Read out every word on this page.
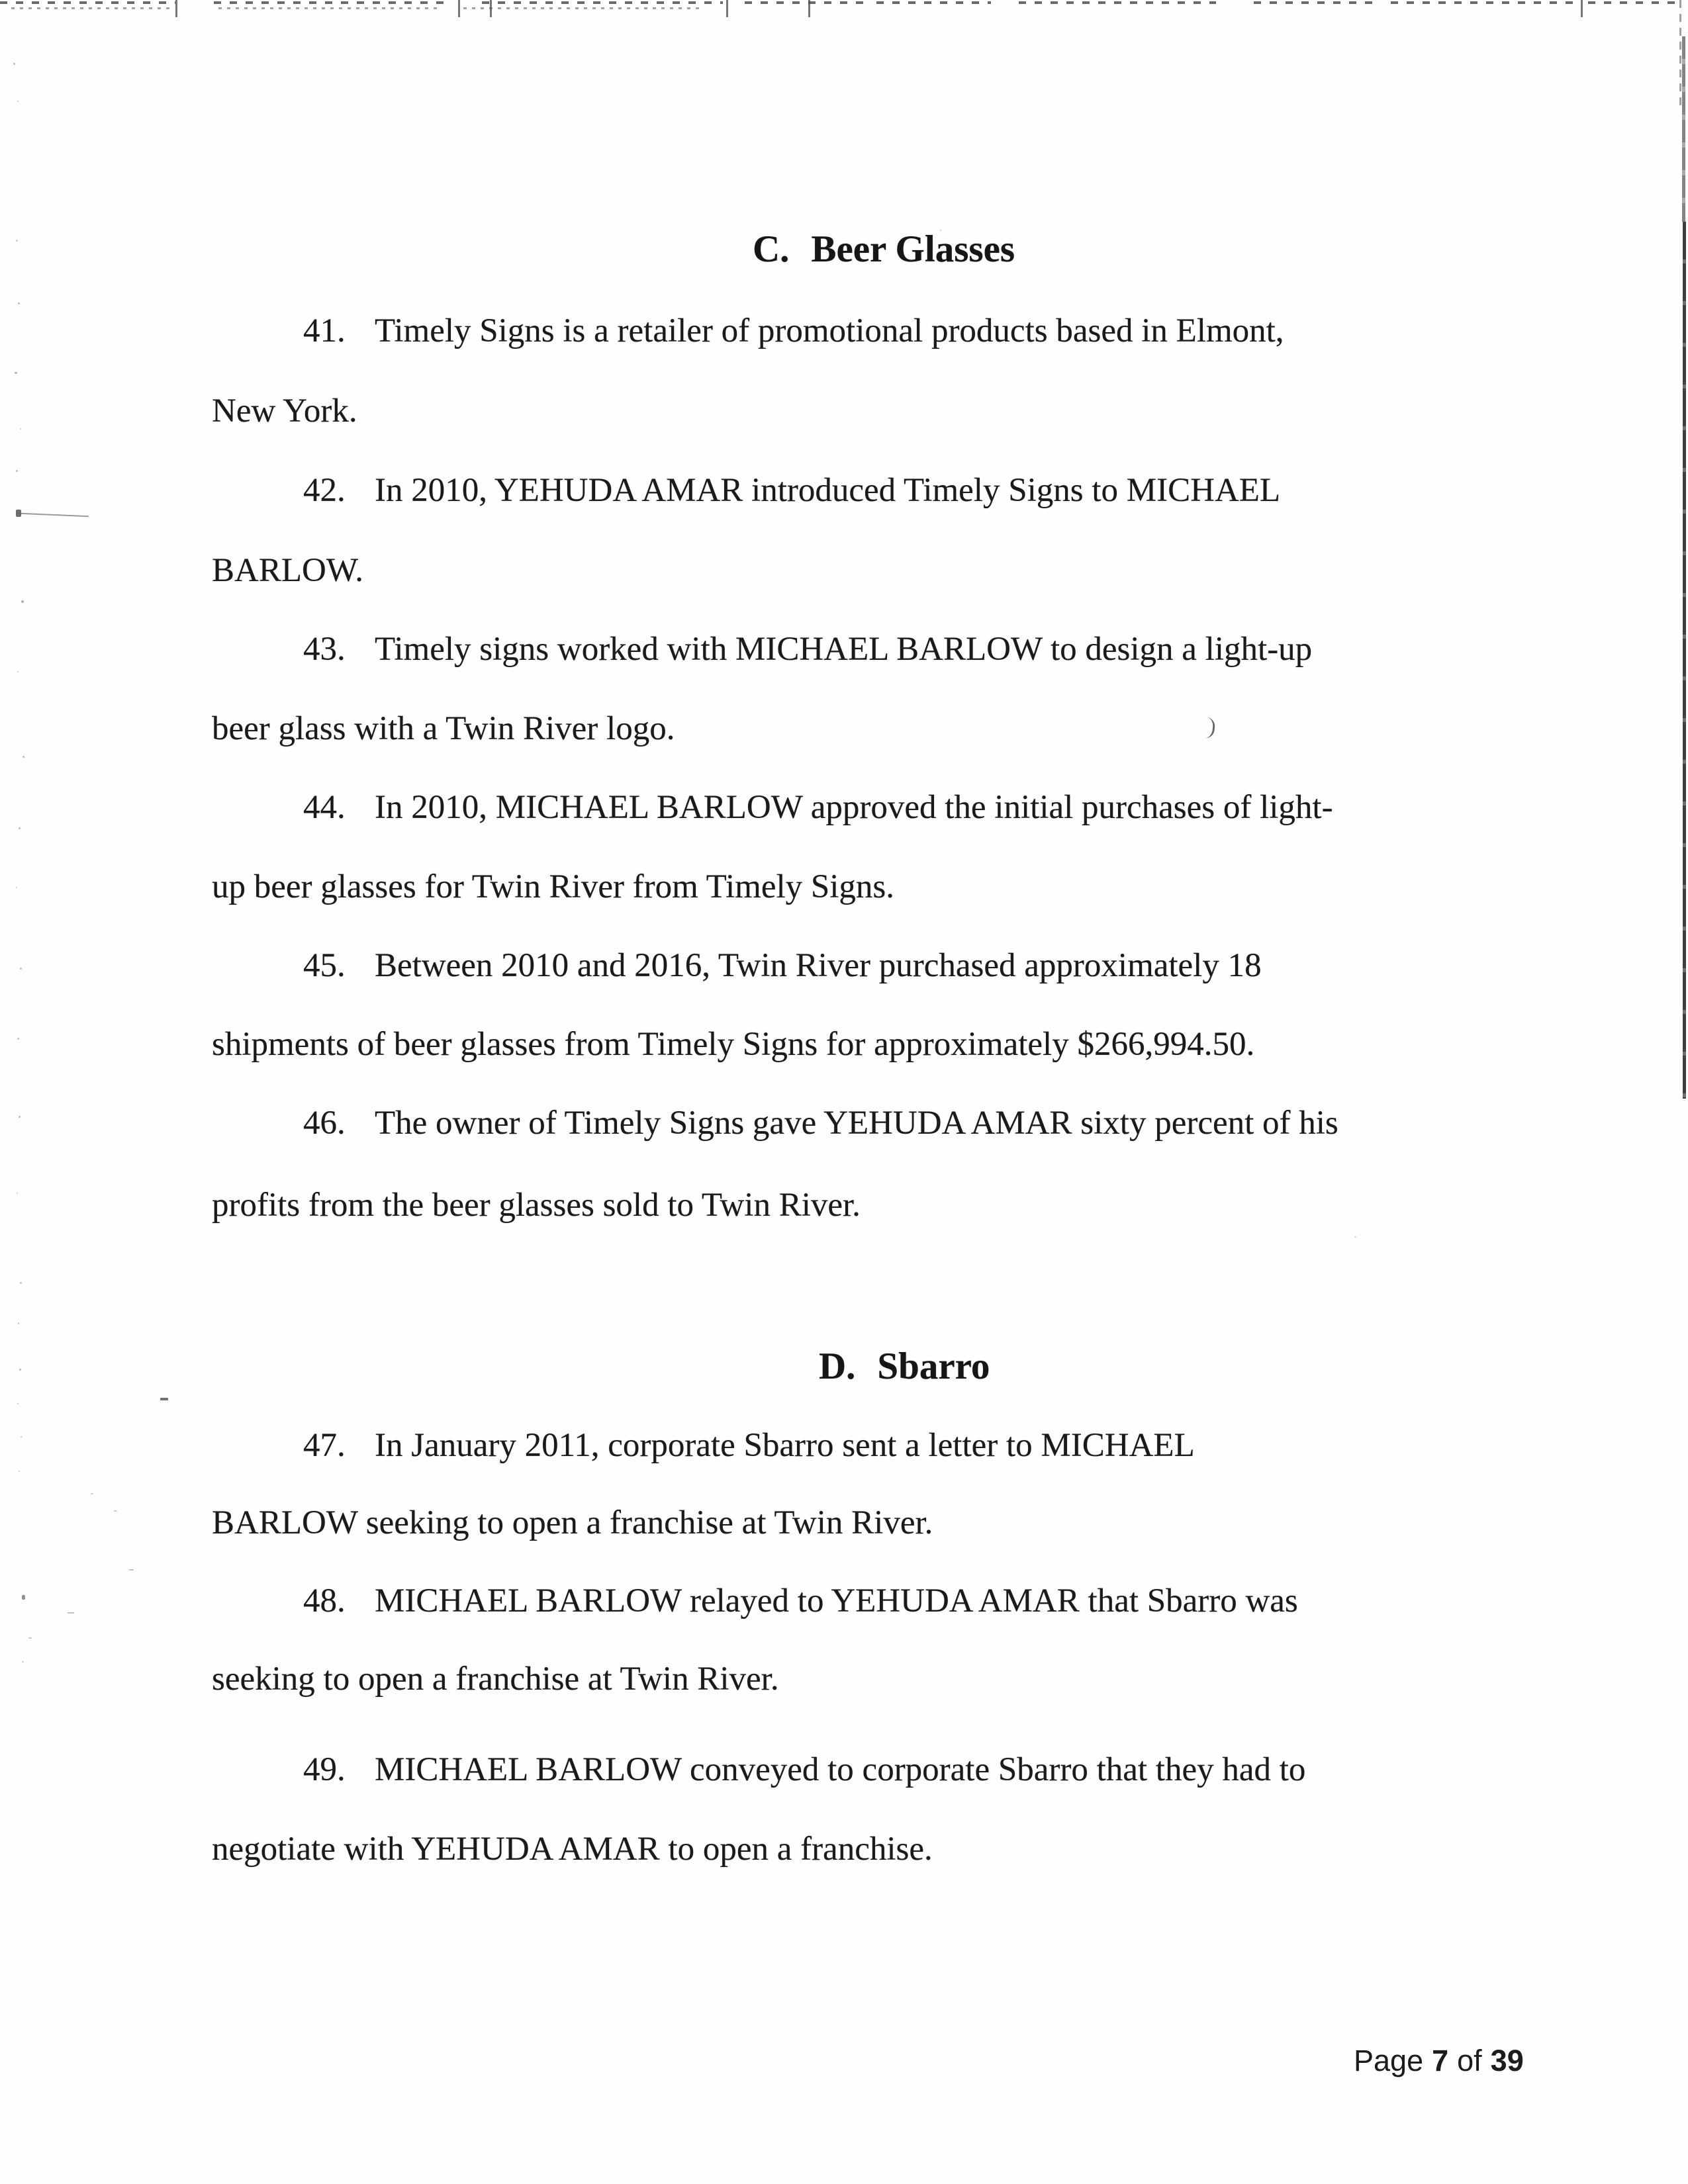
C. Beer Glasses

41.

Timely Signs is a retailer of promotional products based in Elmont,

New York.

42.

In 2010, YEHUDA AMAR introduced Timely Signs to MICHAEL

BARLOW.

43.

Timely signs worked with MICHAEL BARLOW to design a light-up

beer glass with a Twin River logo.

44.

In 2010, MICHAEL BARLOW approved the initial purchases of light-

up beer glasses for Twin River from Timely Signs.

45.

Between 2010 and 2016, Twin River purchased approximately 18

shipments of beer glasses from Timely Signs for approximately $266,994.50.

46.

The owner of Timely Signs gave YEHUDA AMAR sixty percent of his

profits from the beer glasses sold to Twin River.
D. Sbarro

47.

In January 2011, corporate Sbarro sent a letter to MICHAEL

BARLOW seeking to open a franchise at Twin River.

48.

MICHAEL BARLOW relayed to YEHUDA AMAR that Sbarro was

seeking to open a franchise at Twin River.

49.

MICHAEL BARLOW conveyed to corporate Sbarro that they had to

negotiate with YEHUDA AMAR to open a franchise.
Page 7 of 39
